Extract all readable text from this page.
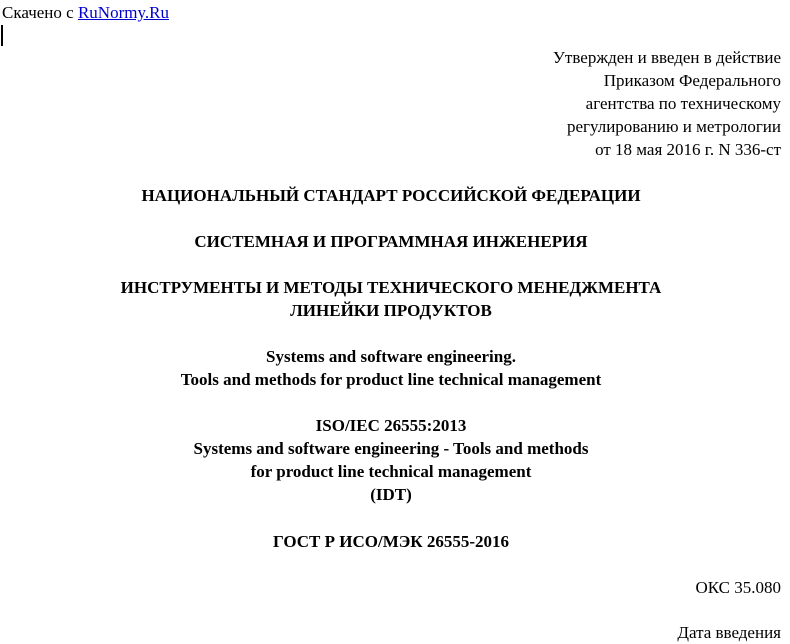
Скачено с RuNormy.Ru
Утвержден и введен в действие
Приказом Федерального
агентства по техническому
регулированию и метрологии
от 18 мая 2016 г. N 336-ст
НАЦИОНАЛЬНЫЙ СТАНДАРТ РОССИЙСКОЙ ФЕДЕРАЦИИ
СИСТЕМНАЯ И ПРОГРАММНАЯ ИНЖЕНЕРИЯ
ИНСТРУМЕНТЫ И МЕТОДЫ ТЕХНИЧЕСКОГО МЕНЕДЖМЕНТА
ЛИНЕЙКИ ПРОДУКТОВ
Systems and software engineering.
Tools and methods for product line technical management
ISO/IEC 26555:2013
Systems and software engineering - Tools and methods
for product line technical management
(IDT)
ГОСТ Р ИСО/МЭК 26555-2016
ОКС 35.080
Дата введения
